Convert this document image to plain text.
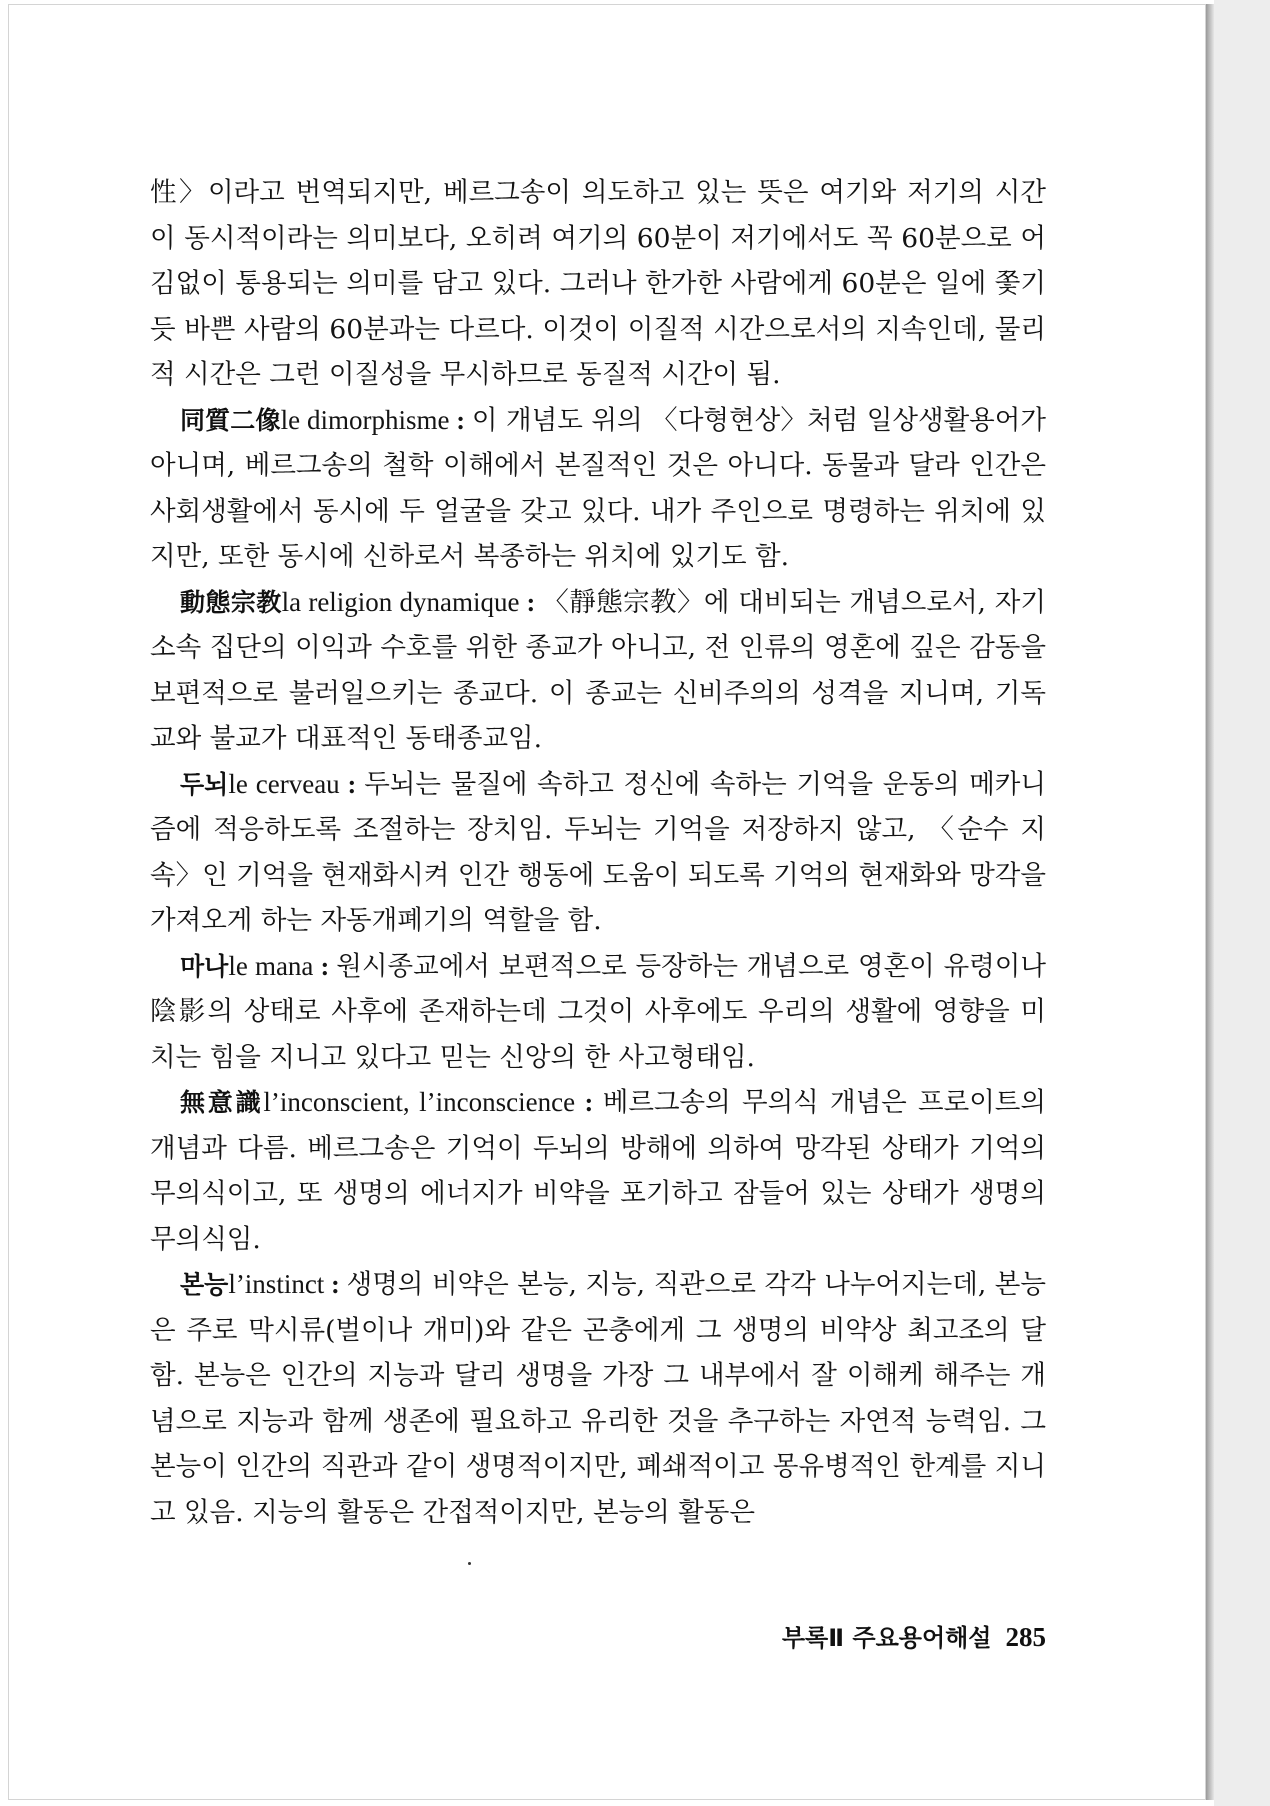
性〉이라고 번역되지만, 베르그송이 의도하고 있는 뜻은 여기와 저기의 시간이 동시적이라는 의미보다, 오히려 여기의 60분이 저기에서도 꼭 60분으로 어김없이 통용되는 의미를 담고 있다. 그러나 한가한 사람에게 60분은 일에 쫓기듯 바쁜 사람의 60분과는 다르다. 이것이 이질적 시간으로서의 지속인데, 물리적 시간은 그런 이질성을 무시하므로 동질적 시간이 됨.

同質二像le dimorphisme : 이 개념도 위의 〈다형현상〉처럼 일상생활용어가 아니며, 베르그송의 철학 이해에서 본질적인 것은 아니다. 동물과 달라 인간은 사회생활에서 동시에 두 얼굴을 갖고 있다. 내가 주인으로 명령하는 위치에 있지만, 또한 동시에 신하로서 복종하는 위치에 있기도 함.

動態宗教la religion dynamique : 〈靜態宗教〉에 대비되는 개념으로서, 자기 소속 집단의 이익과 수호를 위한 종교가 아니고, 전 인류의 영혼에 깊은 감동을 보편적으로 불러일으키는 종교다. 이 종교는 신비주의의 성격을 지니며, 기독교와 불교가 대표적인 동태종교임.

두뇌le cerveau : 두뇌는 물질에 속하고 정신에 속하는 기억을 운동의 메카니즘에 적응하도록 조절하는 장치임. 두뇌는 기억을 저장하지 않고, 〈순수 지속〉인 기억을 현재화시켜 인간 행동에 도움이 되도록 기억의 현재화와 망각을 가져오게 하는 자동개폐기의 역할을 함.

마나le mana : 원시종교에서 보편적으로 등장하는 개념으로 영혼이 유령이나 陰影의 상태로 사후에 존재하는데 그것이 사후에도 우리의 생활에 영향을 미치는 힘을 지니고 있다고 믿는 신앙의 한 사고형태임.

無意識l’inconscient, l’inconscience : 베르그송의 무의식 개념은 프로이트의 개념과 다름. 베르그송은 기억이 두뇌의 방해에 의하여 망각된 상태가 기억의 무의식이고, 또 생명의 에너지가 비약을 포기하고 잠들어 있는 상태가 생명의 무의식임.

본능l’instinct : 생명의 비약은 본능, 지능, 직관으로 각각 나누어지는데, 본능은 주로 막시류(벌이나 개미)와 같은 곤충에게 그 생명의 비약상 최고조의 달함. 본능은 인간의 지능과 달리 생명을 가장 그 내부에서 잘 이해케 해주는 개념으로 지능과 함께 생존에 필요하고 유리한 것을 추구하는 자연적 능력임. 그 본능이 인간의 직관과 같이 생명적이지만, 폐쇄적이고 몽유병적인 한계를 지니고 있음. 지능의 활동은 간접적이지만, 본능의 활동은

부록Ⅱ 주요용어해설 285
